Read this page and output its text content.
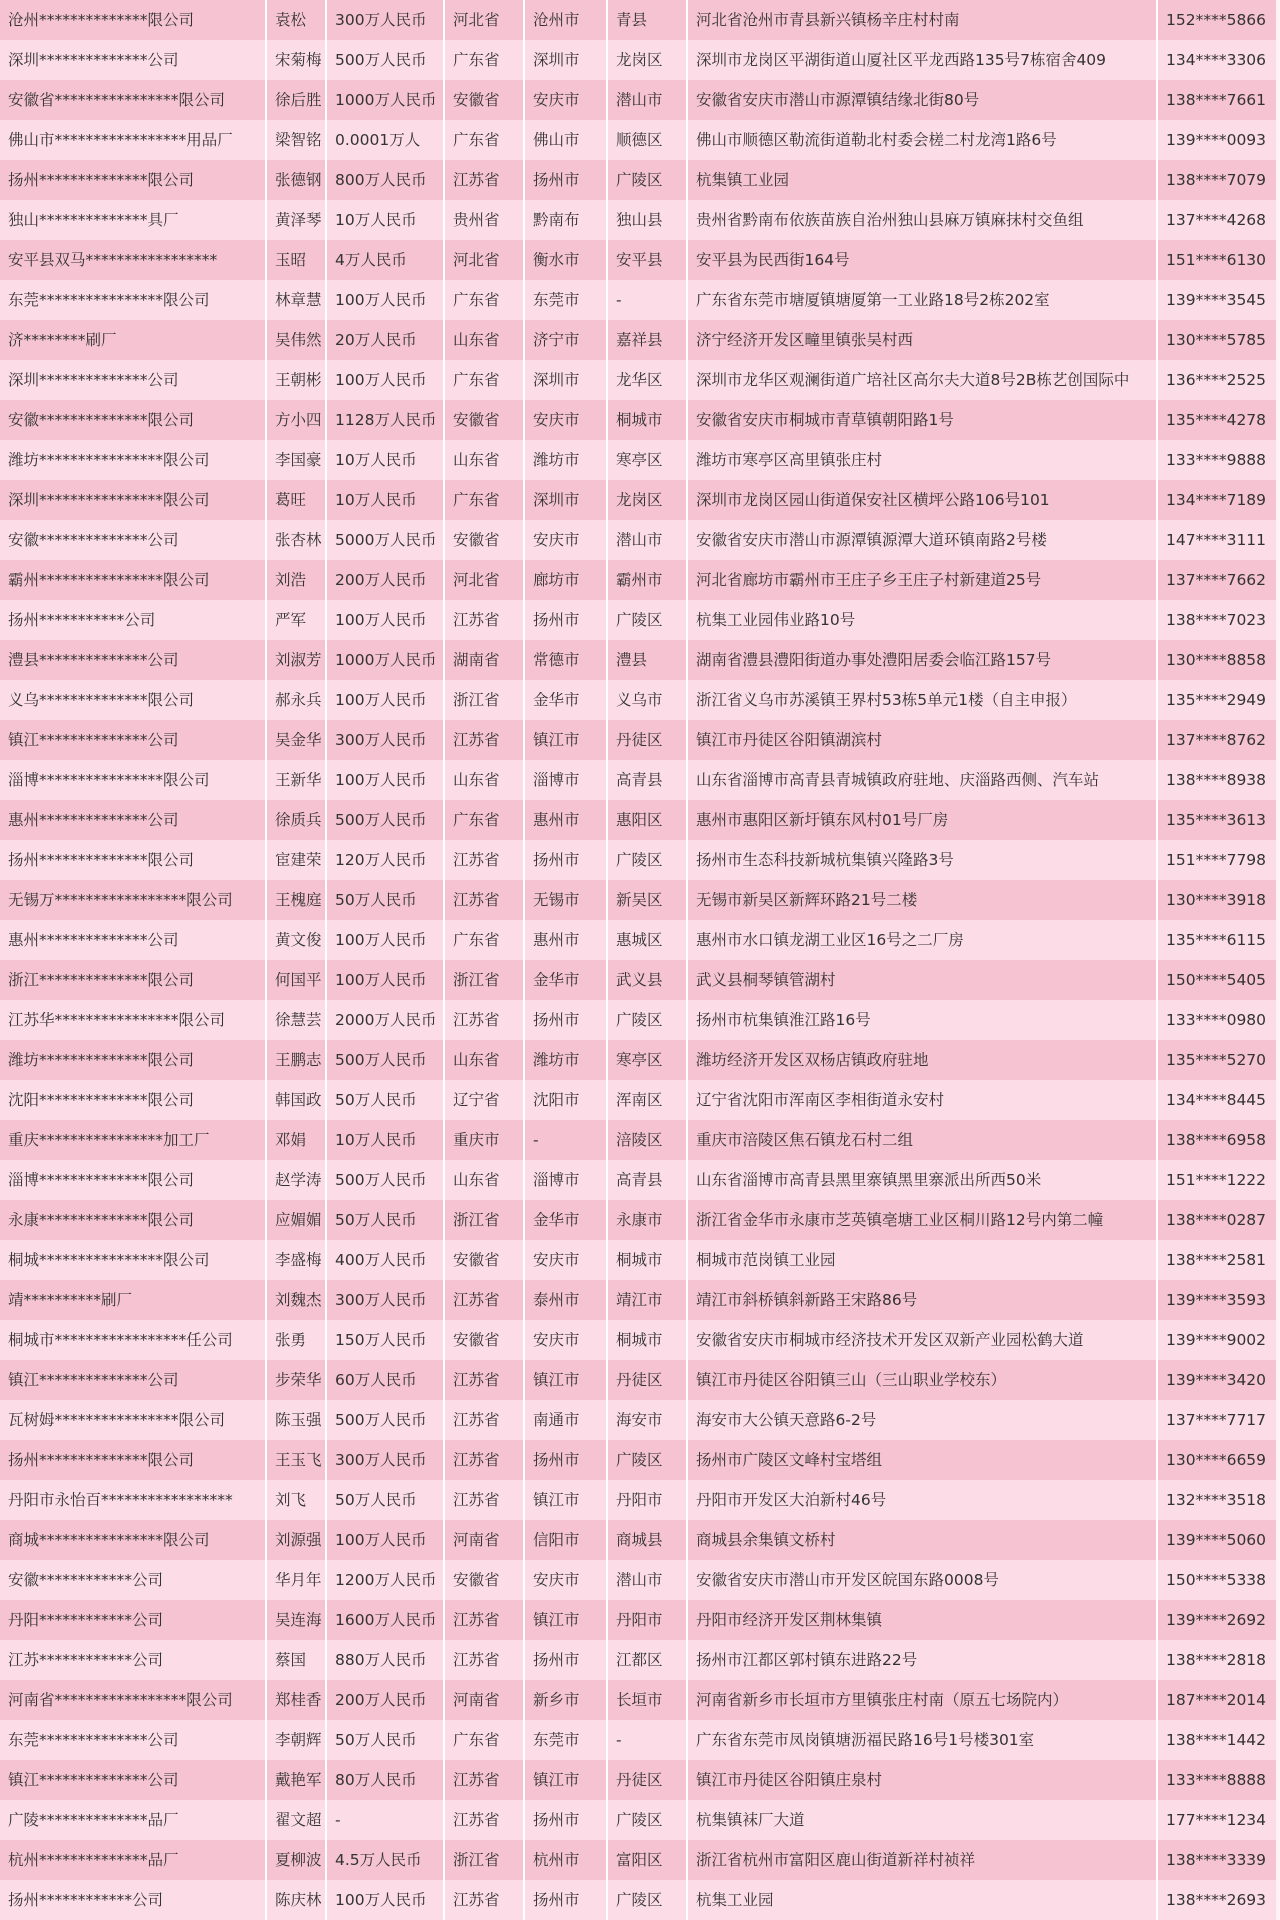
沧州**************限公司	袁松	300万人民币	河北省	沧州市	青县	河北省沧州市青县新兴镇杨辛庄村村南	152****5866
深圳**************公司	宋菊梅	500万人民币	广东省	深圳市	龙岗区	深圳市龙岗区平湖街道山厦社区平龙西路135号7栋宿舍409	134****3306
安徽省****************限公司	徐后胜	1000万人民币	安徽省	安庆市	潜山市	安徽省安庆市潜山市源潭镇结缘北街80号	138****7661
佛山市*****************用品厂	梁智铭	0.0001万人	广东省	佛山市	顺德区	佛山市顺德区勒流街道勒北村委会槎二村龙湾1路6号	139****0093
扬州**************限公司	张德钢	800万人民币	江苏省	扬州市	广陵区	杭集镇工业园	138****7079
独山**************具厂	黄泽琴	10万人民币	贵州省	黔南布	独山县	贵州省黔南布依族苗族自治州独山县麻万镇麻抹村交鱼组	137****4268
安平县双马*****************	玉昭	4万人民币	河北省	衡水市	安平县	安平县为民西街164号	151****6130
东莞****************限公司	林章慧	100万人民币	广东省	东莞市	-	广东省东莞市塘厦镇塘厦第一工业路18号2栋202室	139****3545
济********刷厂	吴伟然	20万人民币	山东省	济宁市	嘉祥县	济宁经济开发区疃里镇张吴村西	130****5785
深圳**************公司	王朝彬	100万人民币	广东省	深圳市	龙华区	深圳市龙华区观澜街道广培社区高尔夫大道8号2B栋艺创国际中	136****2525
安徽**************限公司	方小四	1128万人民币	安徽省	安庆市	桐城市	安徽省安庆市桐城市青草镇朝阳路1号	135****4278
潍坊****************限公司	李国豪	10万人民币	山东省	潍坊市	寒亭区	潍坊市寒亭区高里镇张庄村	133****9888
深圳****************限公司	葛旺	10万人民币	广东省	深圳市	龙岗区	深圳市龙岗区园山街道保安社区横坪公路106号101	134****7189
安徽**************公司	张杏林	5000万人民币	安徽省	安庆市	潜山市	安徽省安庆市潜山市源潭镇源潭大道环镇南路2号楼	147****3111
霸州****************限公司	刘浩	200万人民币	河北省	廊坊市	霸州市	河北省廊坊市霸州市王庄子乡王庄子村新建道25号	137****7662
扬州***********公司	严军	100万人民币	江苏省	扬州市	广陵区	杭集工业园伟业路10号	138****7023
澧县**************公司	刘淑芳	1000万人民币	湖南省	常德市	澧县	湖南省澧县澧阳街道办事处澧阳居委会临江路157号	130****8858
义乌**************限公司	郝永兵	100万人民币	浙江省	金华市	义乌市	浙江省义乌市苏溪镇王界村53栋5单元1楼（自主申报）	135****2949
镇江**************公司	吴金华	300万人民币	江苏省	镇江市	丹徒区	镇江市丹徒区谷阳镇湖滨村	137****8762
淄博****************限公司	王新华	100万人民币	山东省	淄博市	高青县	山东省淄博市高青县青城镇政府驻地、庆淄路西侧、汽车站	138****8938
惠州**************公司	徐质兵	500万人民币	广东省	惠州市	惠阳区	惠州市惠阳区新圩镇东风村01号厂房	135****3613
扬州**************限公司	宦建荣	120万人民币	江苏省	扬州市	广陵区	扬州市生态科技新城杭集镇兴隆路3号	151****7798
无锡万*****************限公司	王槐庭	50万人民币	江苏省	无锡市	新吴区	无锡市新吴区新辉环路21号二楼	130****3918
惠州**************公司	黄文俊	100万人民币	广东省	惠州市	惠城区	惠州市水口镇龙湖工业区16号之二厂房	135****6115
浙江**************限公司	何国平	100万人民币	浙江省	金华市	武义县	武义县桐琴镇管湖村	150****5405
江苏华****************限公司	徐慧芸	2000万人民币	江苏省	扬州市	广陵区	扬州市杭集镇淮江路16号	133****0980
潍坊**************限公司	王鹏志	500万人民币	山东省	潍坊市	寒亭区	潍坊经济开发区双杨店镇政府驻地	135****5270
沈阳**************限公司	韩国政	50万人民币	辽宁省	沈阳市	浑南区	辽宁省沈阳市浑南区李相街道永安村	134****8445
重庆****************加工厂	邓娟	10万人民币	重庆市	-	涪陵区	重庆市涪陵区焦石镇龙石村二组	138****6958
淄博**************限公司	赵学涛	500万人民币	山东省	淄博市	高青县	山东省淄博市高青县黑里寨镇黑里寨派出所西50米	151****1222
永康**************限公司	应媚媚	50万人民币	浙江省	金华市	永康市	浙江省金华市永康市芝英镇亳塘工业区桐川路12号内第二幢	138****0287
桐城****************限公司	李盛梅	400万人民币	安徽省	安庆市	桐城市	桐城市范岗镇工业园	138****2581
靖**********刷厂	刘魏杰	300万人民币	江苏省	泰州市	靖江市	靖江市斜桥镇斜新路王宋路86号	139****3593
桐城市*****************任公司	张勇	150万人民币	安徽省	安庆市	桐城市	安徽省安庆市桐城市经济技术开发区双新产业园松鹤大道	139****9002
镇江**************公司	步荣华	60万人民币	江苏省	镇江市	丹徒区	镇江市丹徒区谷阳镇三山（三山职业学校东）	139****3420
瓦树姆****************限公司	陈玉强	500万人民币	江苏省	南通市	海安市	海安市大公镇天意路6-2号	137****7717
扬州**************限公司	王玉飞	300万人民币	江苏省	扬州市	广陵区	扬州市广陵区文峰村宝塔组	130****6659
丹阳市永怡百*****************	刘飞	50万人民币	江苏省	镇江市	丹阳市	丹阳市开发区大泊新村46号	132****3518
商城****************限公司	刘源强	100万人民币	河南省	信阳市	商城县	商城县余集镇文桥村	139****5060
安徽************公司	华月年	1200万人民币	安徽省	安庆市	潜山市	安徽省安庆市潜山市开发区皖国东路0008号	150****5338
丹阳************公司	吴连海	1600万人民币	江苏省	镇江市	丹阳市	丹阳市经济开发区荆林集镇	139****2692
江苏************公司	蔡国	880万人民币	江苏省	扬州市	江都区	扬州市江都区郭村镇东进路22号	138****2818
河南省*****************限公司	郑桂香	200万人民币	河南省	新乡市	长垣市	河南省新乡市长垣市方里镇张庄村南（原五七场院内）	187****2014
东莞**************公司	李朝辉	50万人民币	广东省	东莞市	-	广东省东莞市凤岗镇塘沥福民路16号1号楼301室	138****1442
镇江**************公司	戴艳军	80万人民币	江苏省	镇江市	丹徒区	镇江市丹徒区谷阳镇庄泉村	133****8888
广陵**************品厂	翟文超	-	江苏省	扬州市	广陵区	杭集镇袜厂大道	177****1234
杭州**************品厂	夏柳波	4.5万人民币	浙江省	杭州市	富阳区	浙江省杭州市富阳区鹿山街道新祥村祯祥	138****3339
扬州************公司	陈庆林	100万人民币	江苏省	扬州市	广陵区	杭集工业园	138****2693
